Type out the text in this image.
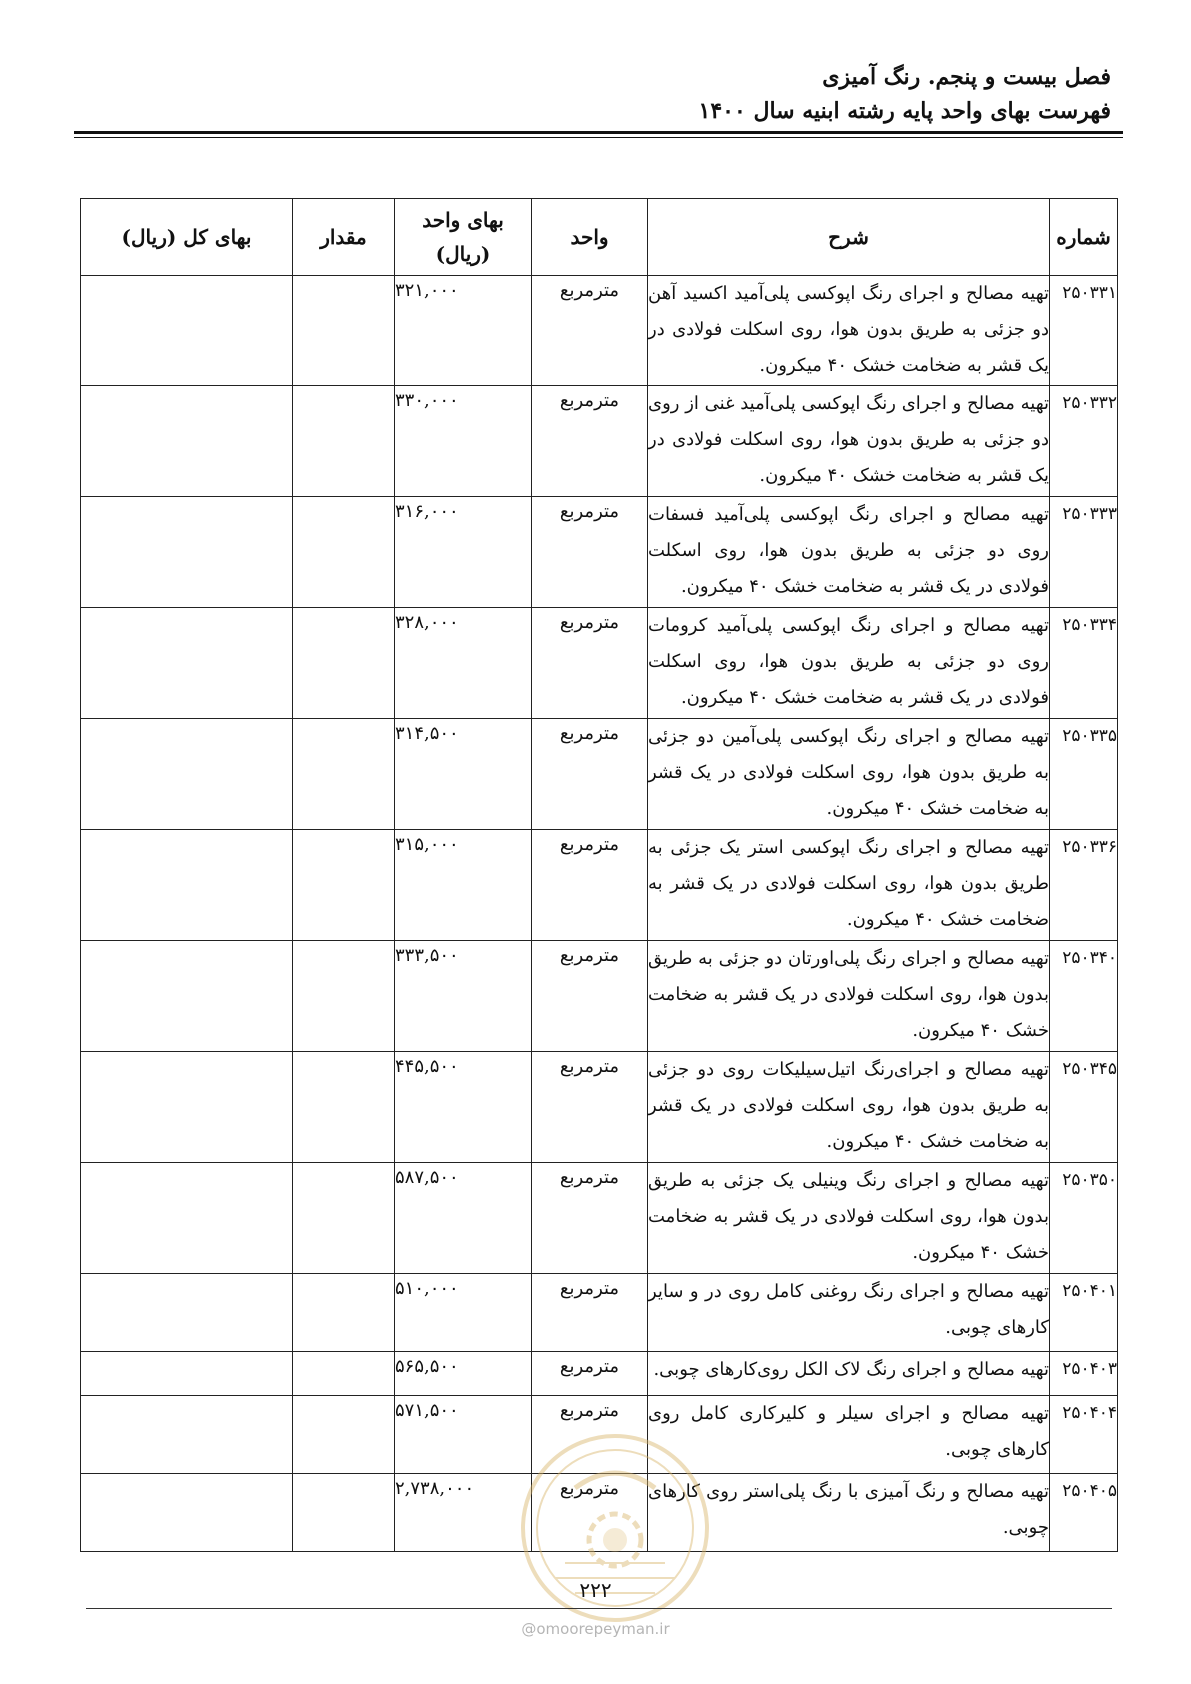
فصل بیست و پنجم. رنگ آمیزی
فهرست بهای واحد پایه رشته ابنیه سال ۱۴۰۰
شماره	شرح	واحد	بهای واحد (ریال)	مقدار	بهای کل (ریال)
۲۵۰۳۳۱	تهیه مصالح و اجرای رنگ اپوکسی پلی‌آمید اکسید آهن دو جزئی به طریق بدون هوا، روی اسکلت فولادی در یک قشر به ضخامت خشک ۴۰ میکرون.	مترمربع	۳۲۱,۰۰۰		
۲۵۰۳۳۲	تهیه مصالح و اجرای رنگ اپوکسی پلی‌آمید غنی از روی دو جزئی به طریق بدون هوا، روی اسکلت فولادی در یک قشر به ضخامت خشک ۴۰ میکرون.	مترمربع	۳۳۰,۰۰۰		
۲۵۰۳۳۳	تهیه مصالح و اجرای رنگ اپوکسی پلی‌آمید فسفات روی دو جزئی به طریق بدون هوا، روی اسکلت فولادی در یک قشر به ضخامت خشک ۴۰ میکرون.	مترمربع	۳۱۶,۰۰۰		
۲۵۰۳۳۴	تهیه مصالح و اجرای رنگ اپوکسی پلی‌آمید کرومات روی دو جزئی به طریق بدون هوا، روی اسکلت فولادی در یک قشر به ضخامت خشک ۴۰ میکرون.	مترمربع	۳۲۸,۰۰۰		
۲۵۰۳۳۵	تهیه مصالح و اجرای رنگ اپوکسی پلی‌آمین دو جزئی به طریق بدون هوا، روی اسکلت فولادی در یک قشر به ضخامت خشک ۴۰ میکرون.	مترمربع	۳۱۴,۵۰۰		
۲۵۰۳۳۶	تهیه مصالح و اجرای رنگ اپوکسی استر یک جزئی به طریق بدون هوا، روی اسکلت فولادی در یک قشر به ضخامت خشک ۴۰ میکرون.	مترمربع	۳۱۵,۰۰۰		
۲۵۰۳۴۰	تهیه مصالح و اجرای رنگ پلی‌اورتان دو جزئی به طریق بدون هوا، روی اسکلت فولادی در یک قشر به ضخامت خشک ۴۰ میکرون.	مترمربع	۳۳۳,۵۰۰		
۲۵۰۳۴۵	تهیه مصالح و اجرای‌رنگ اتیل‌سیلیکات روی دو جزئی به طریق بدون هوا، روی اسکلت فولادی در یک قشر به ضخامت خشک ۴۰ میکرون.	مترمربع	۴۴۵,۵۰۰		
۲۵۰۳۵۰	تهیه مصالح و اجرای رنگ وینیلی یک جزئی به طریق بدون هوا، روی اسکلت فولادی در یک قشر به ضخامت خشک ۴۰ میکرون.	مترمربع	۵۸۷,۵۰۰		
۲۵۰۴۰۱	تهیه مصالح و اجرای رنگ روغنی کامل روی در و سایر کارهای چوبی.	مترمربع	۵۱۰,۰۰۰		
۲۵۰۴۰۳	تهیه مصالح و اجرای رنگ لاک الکل روی‌کارهای چوبی.	مترمربع	۵۶۵,۵۰۰		
۲۵۰۴۰۴	تهیه مصالح و اجرای سیلر و کلیرکاری کامل روی کارهای چوبی.	مترمربع	۵۷۱,۵۰۰		
۲۵۰۴۰۵	تهیه مصالح و رنگ آمیزی با رنگ پلی‌استر روی کارهای چوبی.	مترمربع	۲,۷۳۸,۰۰۰		
۲۲۲
@omoorepeyman.ir
